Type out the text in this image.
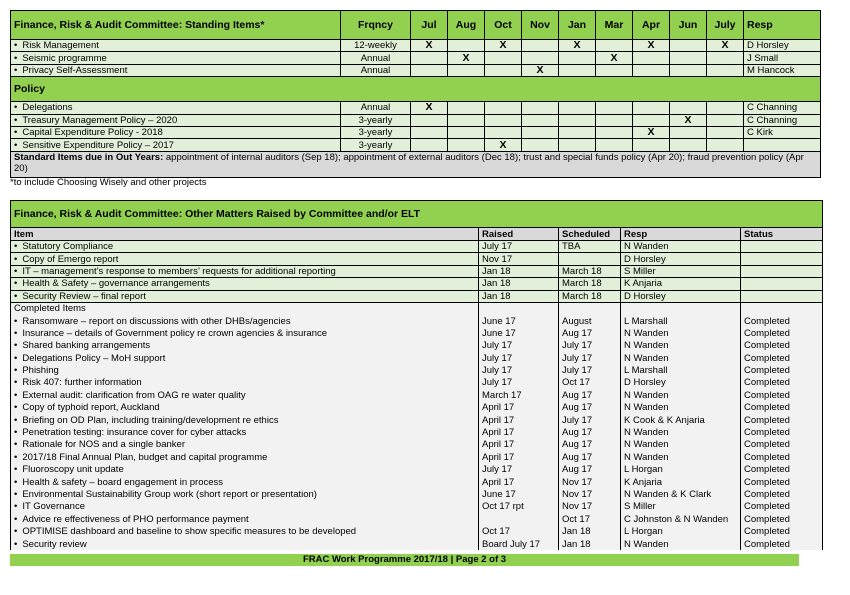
Finance, Risk & Audit Committee: Standing Items*	Frqncy	Jul	Aug	Oct	Nov	Jan	Mar	Apr	Jun	July	Resp
• Risk Management	12-weekly	X		X		X		X		X	D Horsley
• Seismic programme	Annual		X				X				J Small
• Privacy Self-Assessment	Annual				X						M Hancock
Policy											
• Delegations	Annual	X									C Channing
• Treasury Management Policy – 2020	3-yearly								X		C Channing
• Capital Expenditure Policy - 2018	3-yearly							X			C Kirk
• Sensitive Expenditure Policy – 2017	3-yearly			X							
Standard Items due in Out Years: appointment of internal auditors (Sep 18); appointment of external auditors (Dec 18); trust and special funds policy (Apr 20); fraud prevention policy (Apr 20)											
*to include Choosing Wisely and other projects
Finance, Risk & Audit Committee: Other Matters Raised by Committee and/or ELT				
Item	Raised	Scheduled	Resp	Status
• Statutory Compliance	July 17	TBA	N Wanden	
• Copy of Emergo report	Nov 17		D Horsley	
• IT – management’s response to members’ requests for additional reporting	Jan 18	March 18	S Miller	
• Health & Safety – governance arrangements	Jan 18	March 18	K Anjaria	
• Security Review – final report	Jan 18	March 18	D Horsley	
Completed Items				
• Ransomware – report on discussions with other DHBs/agencies	June 17	August	L Marshall	Completed
• Insurance – details of Government policy re crown agencies & insurance	June 17	Aug 17	N Wanden	Completed
• Shared banking arrangements	July 17	July 17	N Wanden	Completed
• Delegations Policy – MoH support	July 17	July 17	N Wanden	Completed
• Phishing	July 17	July 17	L Marshall	Completed
• Risk 407: further information	July 17	Oct 17	D Horsley	Completed
• External audit: clarification from OAG re water quality	March 17	Aug 17	N Wanden	Completed
• Copy of typhoid report, Auckland	April 17	Aug 17	N Wanden	Completed
• Briefing on OD Plan, including training/development re ethics	April 17	July 17	K Cook & K Anjaria	Completed
• Penetration testing: insurance cover for cyber attacks	April 17	Aug 17	N Wanden	Completed
• Rationale for NOS and a single banker	April 17	Aug 17	N Wanden	Completed
• 2017/18 Final Annual Plan, budget and capital programme	April 17	Aug 17	N Wanden	Completed
• Fluoroscopy unit update	July 17	Aug 17	L Horgan	Completed
• Health & safety – board engagement in process	April 17	Nov 17	K Anjaria	Completed
• Environmental Sustainability Group work (short report or presentation)	June 17	Nov 17	N Wanden & K Clark	Completed
• IT Governance	Oct 17 rpt	Nov 17	S Miller	Completed
• Advice re effectiveness of PHO performance payment		Oct 17	C Johnston & N Wanden	Completed
• OPTIMISE dashboard and baseline to show specific measures to be developed	Oct 17	Jan 18	L Horgan	Completed
• Security review	Board July 17	Jan 18	N Wanden	Completed
FRAC Work Programme 2017/18 | Page 2 of 3
